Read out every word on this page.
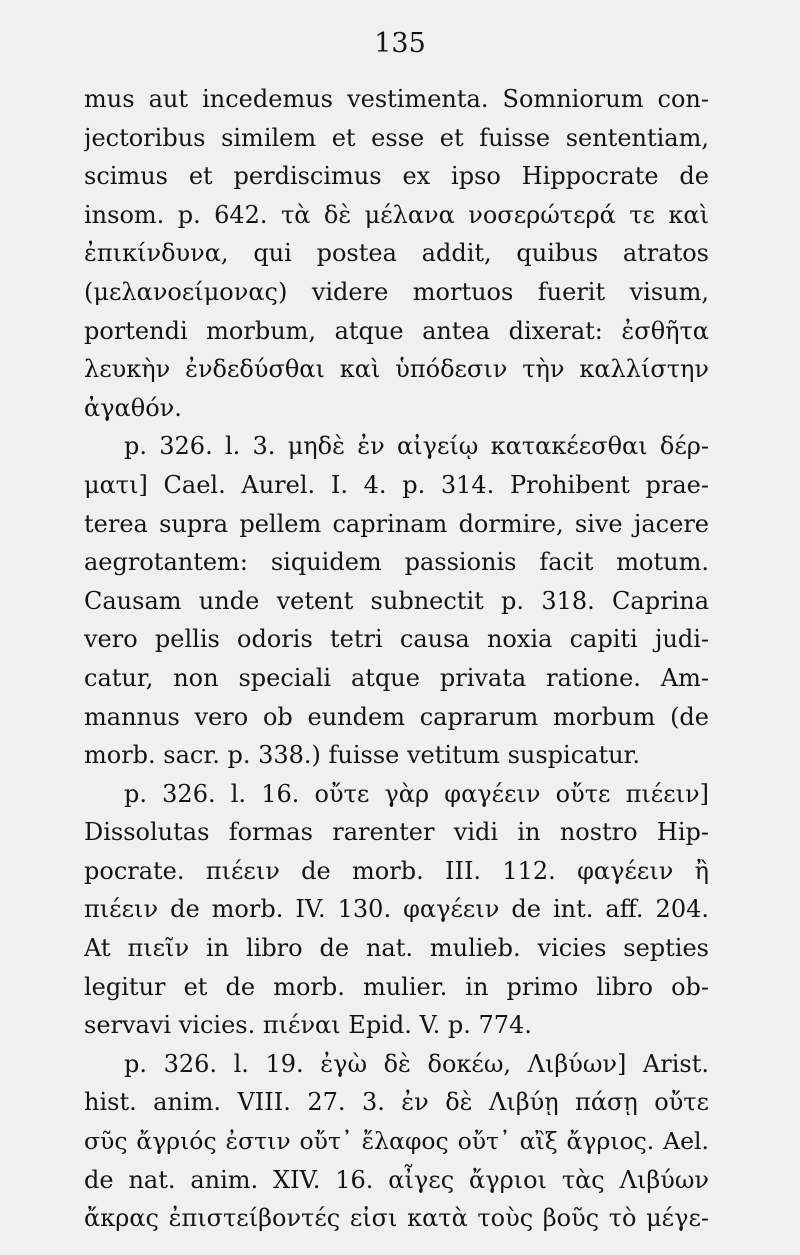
135
mus aut incedemus vestimenta. Somniorum con-
jectoribus similem et esse et fuisse sententiam,
scimus et perdiscimus ex ipso Hippocrate de
insom. p. 642. τὰ δὲ μέλανα νοσερώτερά τε καὶ
ἐπικίνδυνα, qui postea addit, quibus atratos
(μελανοείμονας) videre mortuos fuerit visum,
portendi morbum, atque antea dixerat: ἐσθῆτα
λευκὴν ἐνδεδύσθαι καὶ ὑπόδεσιν τὴν καλλίστην
ἀγαθόν.
p. 326. l. 3. μηδὲ ἐν αἰγείῳ κατακέεσθαι δέρ-
ματι] Cael. Aurel. I. 4. p. 314. Prohibent prae-
terea supra pellem caprinam dormire, sive jacere
aegrotantem: siquidem passionis facit motum.
Causam unde vetent subnectit p. 318. Caprina
vero pellis odoris tetri causa noxia capiti judi-
catur, non speciali atque privata ratione. Am-
mannus vero ob eundem caprarum morbum (de
morb. sacr. p. 338.) fuisse vetitum suspicatur.
p. 326. l. 16. οὔτε γὰρ φαγέειν οὔτε πιέειν]
Dissolutas formas rarenter vidi in nostro Hip-
pocrate. πιέειν de morb. III. 112. φαγέειν ἢ
πιέειν de morb. IV. 130. φαγέειν de int. aff. 204.
At πιεῖν in libro de nat. mulieb. vicies septies
legitur et de morb. mulier. in primo libro ob-
servavi vicies. πιέναι Epid. V. p. 774.
p. 326. l. 19. ἐγὼ δὲ δοκέω, Λιβύων] Arist.
hist. anim. VIII. 27. 3. ἐν δὲ Λιβύῃ πάσῃ οὔτε
σῦς ἄγριός ἐστιν οὔτ᾽ ἔλαφος οὔτ᾽ αἲξ ἄγριος. Ael.
de nat. anim. XIV. 16. αἶγες ἄγριοι τὰς Λιβύων
ἄκρας ἐπιστείβοντές εἰσι κατὰ τοὺς βοῦς τὸ μέγε-
